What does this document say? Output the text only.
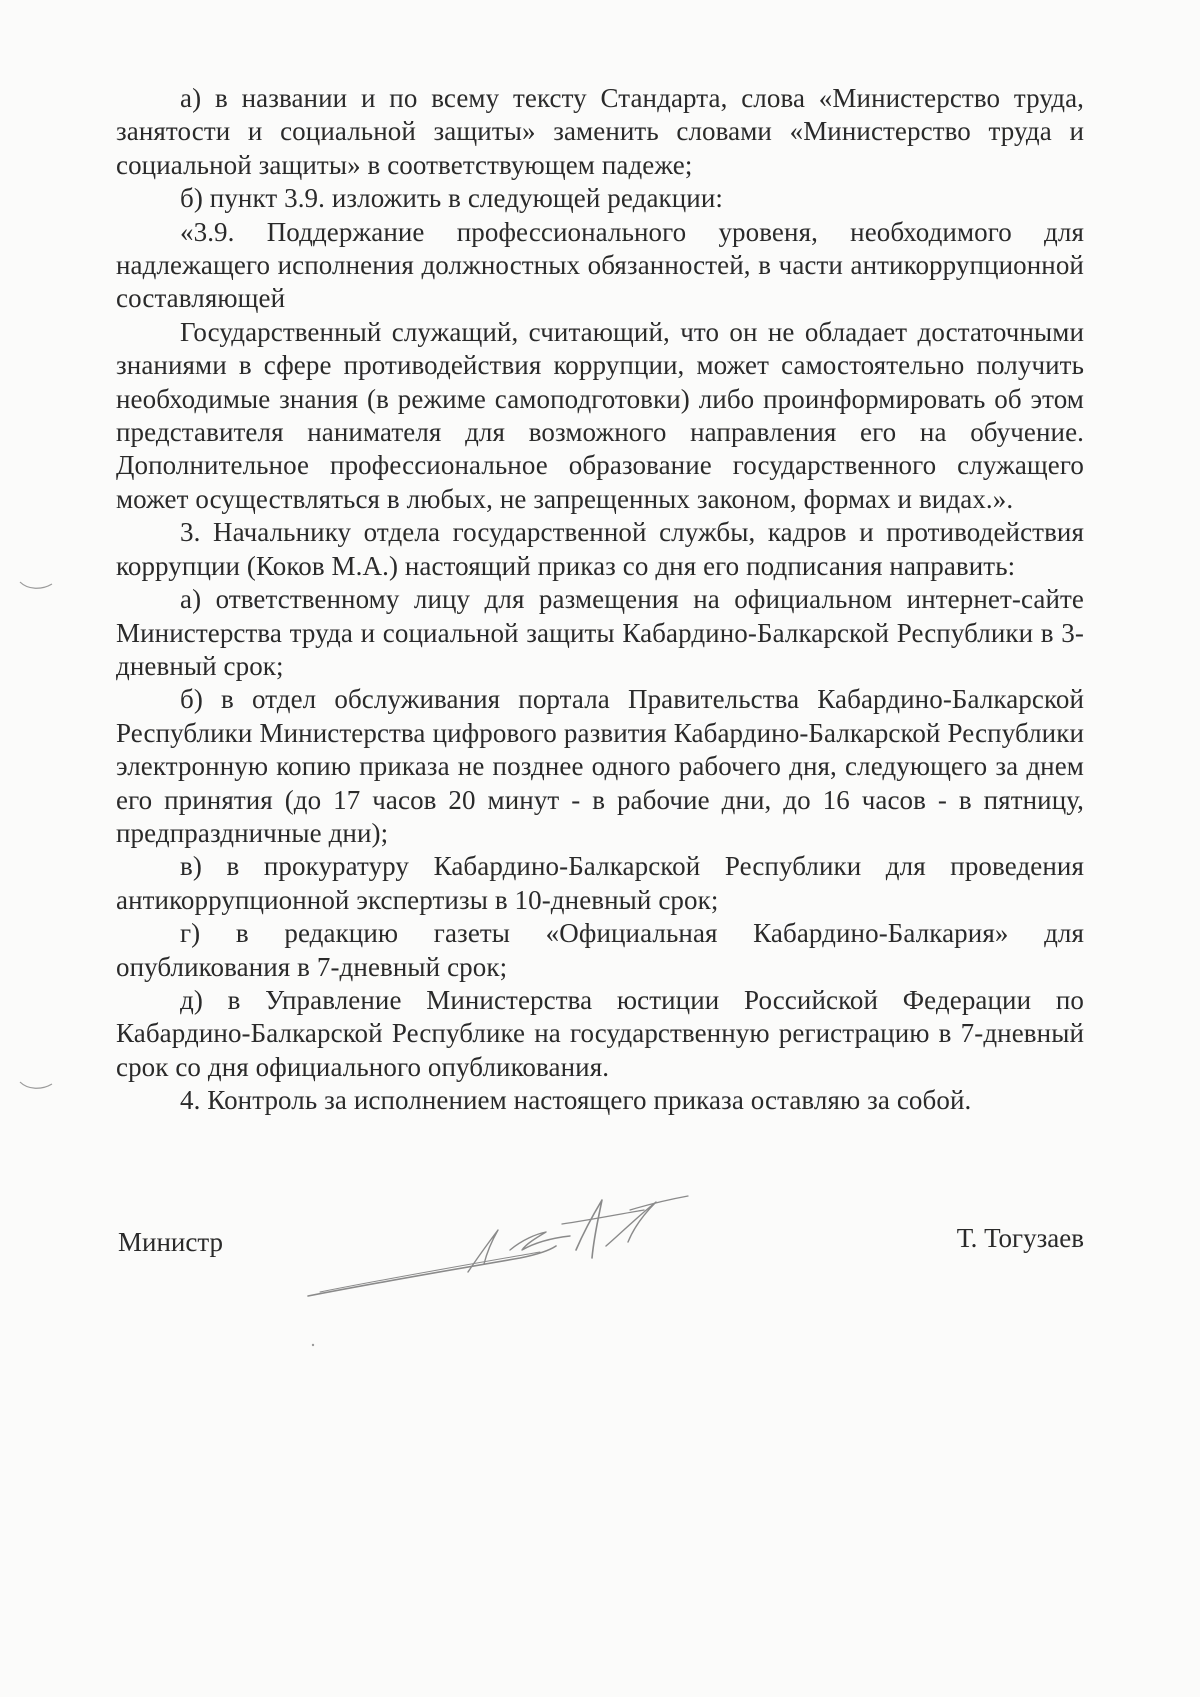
а) в названии и по всему тексту Стандарта, слова «Министерство труда, занятости и социальной защиты» заменить словами «Министерство труда и социальной защиты» в соответствующем падеже;

б) пункт 3.9. изложить в следующей редакции:

«3.9. Поддержание профессионального уровеня, необходимого для надлежащего исполнения должностных обязанностей, в части антикоррупционной составляющей

Государственный служащий, считающий, что он не обладает достаточными знаниями в сфере противодействия коррупции, может самостоятельно получить необходимые знания (в режиме самоподготовки) либо проинформировать об этом представителя нанимателя для возможного направления его на обучение. Дополнительное профессиональное образование государственного служащего может осуществляться в любых, не запрещенных законом, формах и видах.».

3. Начальнику отдела государственной службы, кадров и противодействия коррупции (Коков М.А.) настоящий приказ со дня его подписания направить:

а) ответственному лицу для размещения на официальном интернет-сайте Министерства труда и социальной защиты Кабардино-Балкарской Республики в 3-дневный срок;

б) в отдел обслуживания портала Правительства Кабардино-Балкарской Республики Министерства цифрового развития Кабардино-Балкарской Республики электронную копию приказа не позднее одного рабочего дня, следующего за днем его принятия (до 17 часов 20 минут - в рабочие дни, до 16 часов - в пятницу, предпраздничные дни);

в) в прокуратуру Кабардино-Балкарской Республики для проведения антикоррупционной экспертизы в 10-дневный срок;

г) в редакцию газеты «Официальная Кабардино-Балкария» для опубликования в 7-дневный срок;

д) в Управление Министерства юстиции Российской Федерации по Кабардино-Балкарской Республике на государственную регистрацию в 7-дневный срок со дня официального опубликования.

4. Контроль за исполнением настоящего приказа оставляю за собой.

Министр	Т. Тогузаев
